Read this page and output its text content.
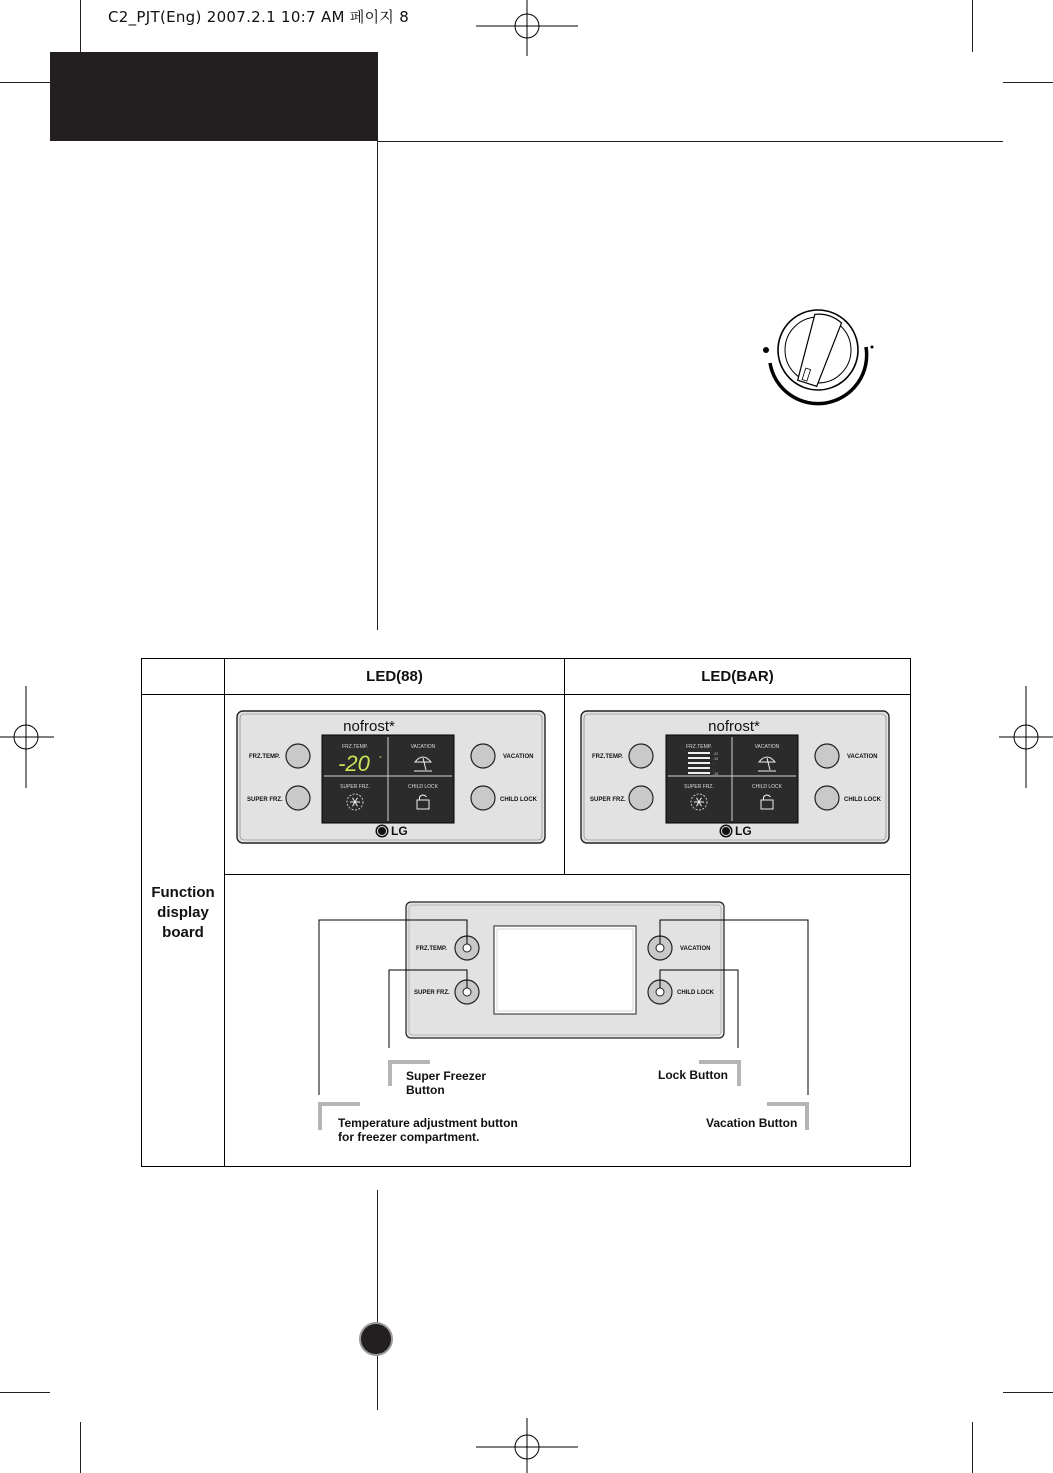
C2_PJT(Eng) 2007.2.1 10:7 AM 페이지 8
LED(88)	LED(BAR)
Function
display
board
nofrost*
FRZ.TEMP.
-20 °
VACATION
SUPER FRZ.	CHILD LOCK
FRZ.TEMP.
SUPER FRZ.
VACATION
CHILD LOCK
LG
nofrost*
FRZ.TEMP.
-22
-19
-
-
-15
VACATION
SUPER FRZ.	CHILD LOCK
FRZ.TEMP.
SUPER FRZ.
VACATION
CHILD LOCK
LG
FRZ.TEMP.
SUPER FRZ.
VACATION
CHILD LOCK
Super Freezer
Button
Lock Button
Temperature adjustment button
for freezer compartment.
Vacation Button
